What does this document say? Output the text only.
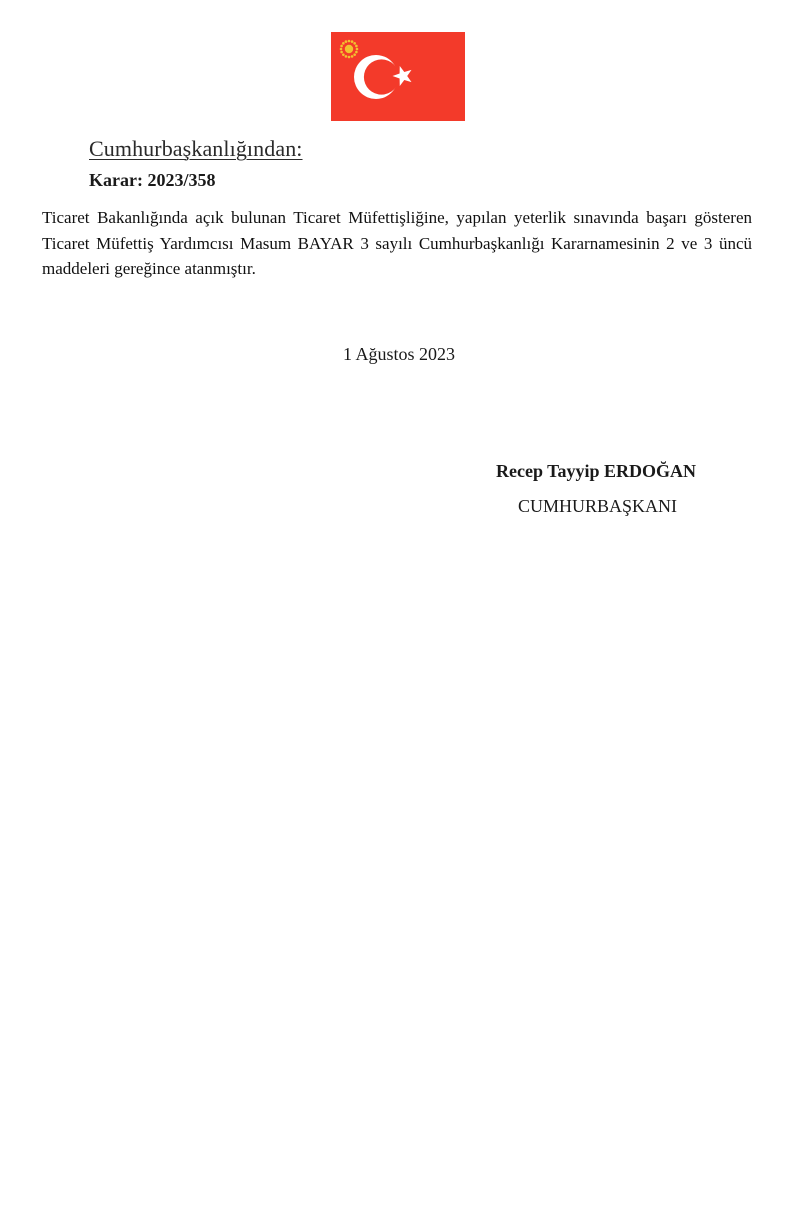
Cumhurbaşkanlığından:
Karar: 2023/358
Ticaret Bakanlığında açık bulunan Ticaret Müfettişliğine, yapılan yeterlik sınavında başarı gösteren Ticaret Müfettiş Yardımcısı Masum BAYAR 3 sayılı Cumhurbaşkanlığı Kararnamesinin 2 ve 3 üncü maddeleri gereğince atanmıştır.
1 Ağustos 2023
Recep Tayyip ERDOĞAN
CUMHURBAŞKANI
